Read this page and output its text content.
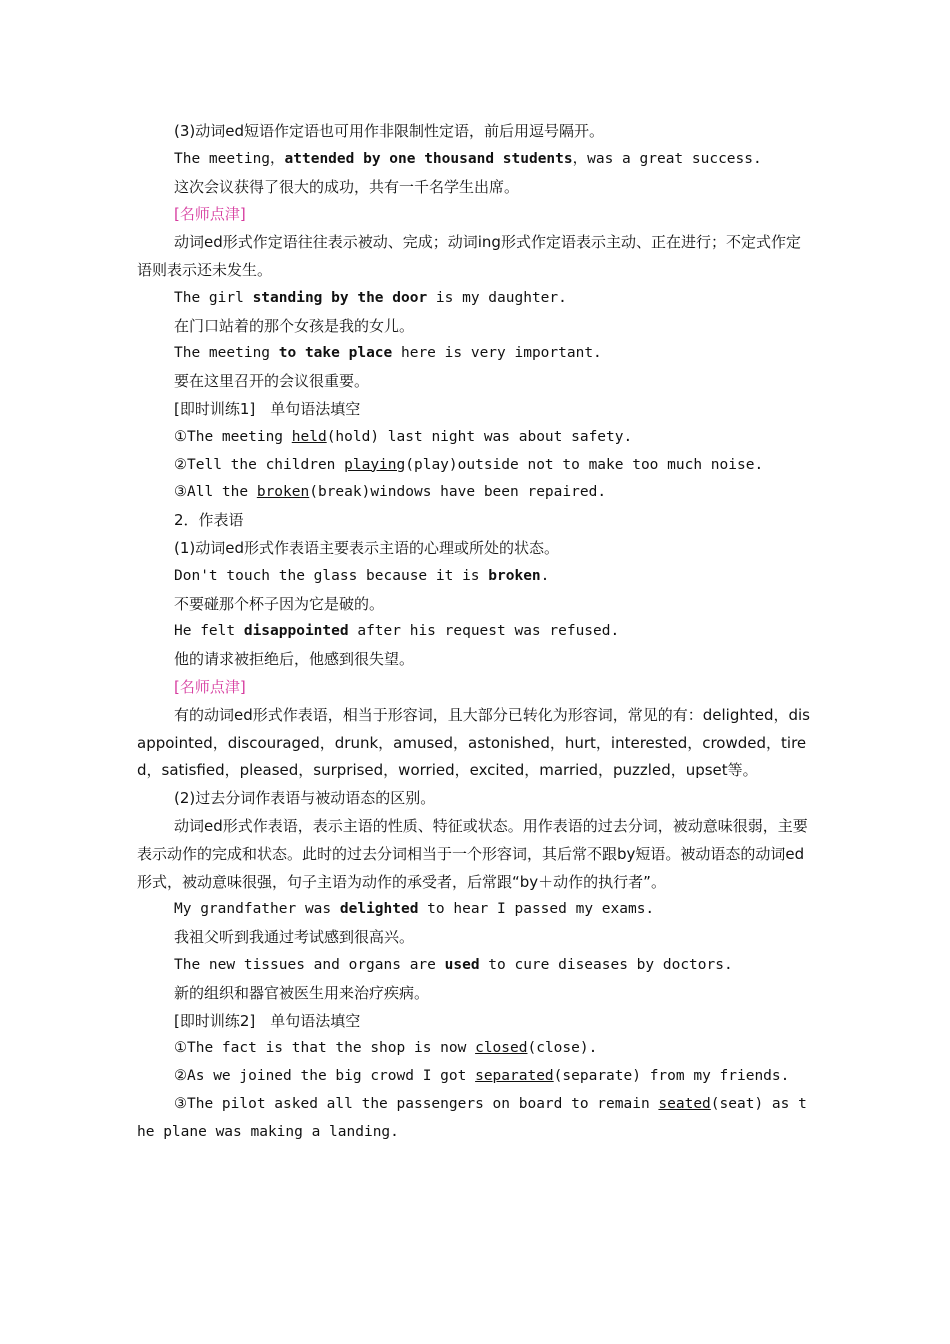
(3)动词ed短语作定语也可用作非限制性定语，前后用逗号隔开。

The meeting，attended by one thousand students，was a great success.

这次会议获得了很大的成功，共有一千名学生出席。

[名师点津]

动词ed形式作定语往往表示被动、完成；动词ing形式作定语表示主动、正在进行；不定式作定语则表示还未发生。

The girl standing by the door is my daughter.

在门口站着的那个女孩是我的女儿。

The meeting to take place here is very important.

要在这里召开的会议很重要。

[即时训练1]　单句语法填空

①The meeting held(hold) last night was about safety.

②Tell the children playing(play)outside not to make too much noise.

③All the broken(break)windows have been repaired.

2．作表语

(1)动词ed形式作表语主要表示主语的心理或所处的状态。

Don't touch the glass because it is broken.

不要碰那个杯子因为它是破的。

He felt disappointed after his request was refused.

他的请求被拒绝后，他感到很失望。

[名师点津]

有的动词ed形式作表语，相当于形容词，且大部分已转化为形容词，常见的有：delighted，disappointed，discouraged，drunk，amused，astonished，hurt，interested，crowded，tired，satisfied，pleased，surprised，worried，excited，married，puzzled，upset等。

(2)过去分词作表语与被动语态的区别。

动词ed形式作表语，表示主语的性质、特征或状态。用作表语的过去分词，被动意味很弱，主要表示动作的完成和状态。此时的过去分词相当于一个形容词，其后常不跟by短语。被动语态的动词ed形式，被动意味很强，句子主语为动作的承受者，后常跟“by＋动作的执行者”。

My grandfather was delighted to hear I passed my exams.

我祖父听到我通过考试感到很高兴。

The new tissues and organs are used to cure diseases by doctors.

新的组织和器官被医生用来治疗疾病。

[即时训练2]　单句语法填空

①The fact is that the shop is now closed(close).

②As we joined the big crowd I got separated(separate) from my friends.

③The pilot asked all the passengers on board to remain seated(seat) as the plane was making a landing.
